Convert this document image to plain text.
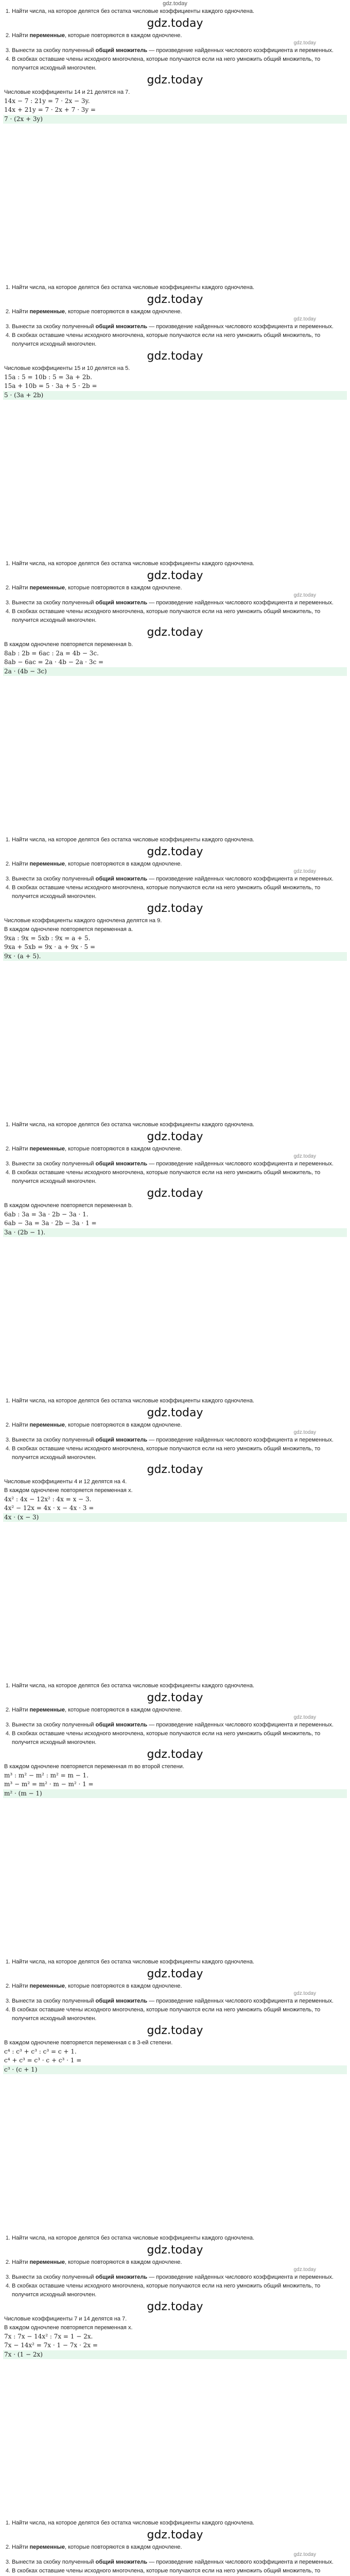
gdz.today
1. Найти числа, на которое делятся без остатка числовые коэффициенты каждого одночлена.
gdz.today
2. Найти переменные, которые повторяются в каждом одночлене.
gdz.today
3. Вынести за скобку полученный общий множитель — произведение найденных числового коэффициента и переменных.
4. В скобках оставшие члены исходного многочлена, которые получаются если на него умножить общий множитель, то получится исходный многочлен.
gdz.today
Числовые коэффициенты 14 и 21 делятся на 7.
14x − 7 : 21y = 7 · 2x − 3y.
14x + 21y = 7 · 2x + 7 · 3y =
7 · (2x + 3y)
1. Найти числа, на которое делятся без остатка числовые коэффициенты каждого одночлена.
gdz.today
2. Найти переменные, которые повторяются в каждом одночлене.
gdz.today
3. Вынести за скобку полученный общий множитель — произведение найденных числового коэффициента и переменных.
4. В скобках оставшие члены исходного многочлена, которые получаются если на него умножить общий множитель, то получится исходный многочлен.
gdz.today
Числовые коэффициенты 15 и 10 делятся на 5.
15a : 5 = 10b : 5 = 3a + 2b.
15a + 10b = 5 · 3a + 5 · 2b =
5 · (3a + 2b)
1. Найти числа, на которое делятся без остатка числовые коэффициенты каждого одночлена.
gdz.today
2. Найти переменные, которые повторяются в каждом одночлене.
gdz.today
3. Вынести за скобку полученный общий множитель — произведение найденных числового коэффициента и переменных.
4. В скобках оставшие члены исходного многочлена, которые получаются если на него умножить общий множитель, то получится исходный многочлен.
gdz.today
В каждом одночлене повторяется переменная b.
8ab : 2b = 6ac : 2a = 4b − 3c.
8ab − 6ac = 2a · 4b − 2a · 3c =
2a · (4b − 3c)
1. Найти числа, на которое делятся без остатка числовые коэффициенты каждого одночлена.
gdz.today
2. Найти переменные, которые повторяются в каждом одночлене.
gdz.today
3. Вынести за скобку полученный общий множитель — произведение найденных числового коэффициента и переменных.
4. В скобках оставшие члены исходного многочлена, которые получаются если на него умножить общий множитель, то получится исходный многочлен.
gdz.today
Числовые коэффициенты каждого одночлена делятся на 9.
В каждом одночлене повторяется переменная а.
9xa : 9x = 5xb : 9x = a + 5.
9xa + 5xb = 9x · a + 9x · 5 =
9x · (a + 5).
1. Найти числа, на которое делятся без остатка числовые коэффициенты каждого одночлена.
gdz.today
2. Найти переменные, которые повторяются в каждом одночлене.
gdz.today
3. Вынести за скобку полученный общий множитель — произведение найденных числового коэффициента и переменных.
4. В скобках оставшие члены исходного многочлена, которые получаются если на него умножить общий множитель, то получится исходный многочлен.
gdz.today
В каждом одночлене повторяется переменная b.
6ab : 3a = 3a · 2b − 3a · 1.
6ab − 3a = 3a · 2b − 3a · 1 =
3a · (2b − 1).
1. Найти числа, на которое делятся без остатка числовые коэффициенты каждого одночлена.
gdz.today
2. Найти переменные, которые повторяются в каждом одночлене.
gdz.today
3. Вынести за скобку полученный общий множитель — произведение найденных числового коэффициента и переменных.
4. В скобках оставшие члены исходного многочлена, которые получаются если на него умножить общий множитель, то получится исходный многочлен.
gdz.today
Числовые коэффициенты 4 и 12 делятся на 4.
В каждом одночлене повторяется переменная x.
4x² : 4x − 12x² : 4x = x − 3.
4x² − 12x = 4x · x − 4x · 3 =
4x · (x − 3)
1. Найти числа, на которое делятся без остатка числовые коэффициенты каждого одночлена.
gdz.today
2. Найти переменные, которые повторяются в каждом одночлене.
gdz.today
3. Вынести за скобку полученный общий множитель — произведение найденных числового коэффициента и переменных.
4. В скобках оставшие члены исходного многочлена, которые получаются если на него умножить общий множитель, то получится исходный многочлен.
gdz.today
В каждом одночлене повторяется переменная m во второй степени.
m³ : m² − m² : m² = m − 1.
m³ − m² = m² · m − m² · 1 =
m² · (m − 1)
1. Найти числа, на которое делятся без остатка числовые коэффициенты каждого одночлена.
gdz.today
2. Найти переменные, которые повторяются в каждом одночлене.
gdz.today
3. Вынести за скобку полученный общий множитель — произведение найденных числового коэффициента и переменных.
4. В скобках оставшие члены исходного многочлена, которые получаются если на него умножить общий множитель, то получится исходный многочлен.
gdz.today
В каждом одночлене повторяется переменная c в 3-ей степени.
c⁴ : c³ + c³ : c³ = c + 1.
c⁴ + c³ = c³ · c + c³ · 1 =
c³ · (c + 1)
1. Найти числа, на которое делятся без остатка числовые коэффициенты каждого одночлена.
gdz.today
2. Найти переменные, которые повторяются в каждом одночлене.
gdz.today
3. Вынести за скобку полученный общий множитель — произведение найденных числового коэффициента и переменных.
4. В скобках оставшие члены исходного многочлена, которые получаются если на него умножить общий множитель, то получится исходный многочлен.
gdz.today
Числовые коэффициенты 7 и 14 делятся на 7.
В каждом одночлене повторяется переменная x.
7x : 7x − 14x² : 7x = 1 − 2x.
7x − 14x² = 7x · 1 − 7x · 2x =
7x · (1 − 2x)
1. Найти числа, на которое делятся без остатка числовые коэффициенты каждого одночлена.
gdz.today
2. Найти переменные, которые повторяются в каждом одночлене.
gdz.today
3. Вынести за скобку полученный общий множитель — произведение найденных числового коэффициента и переменных.
4. В скобках оставшие члены исходного многочлена, которые получаются если на него умножить общий множитель, то
